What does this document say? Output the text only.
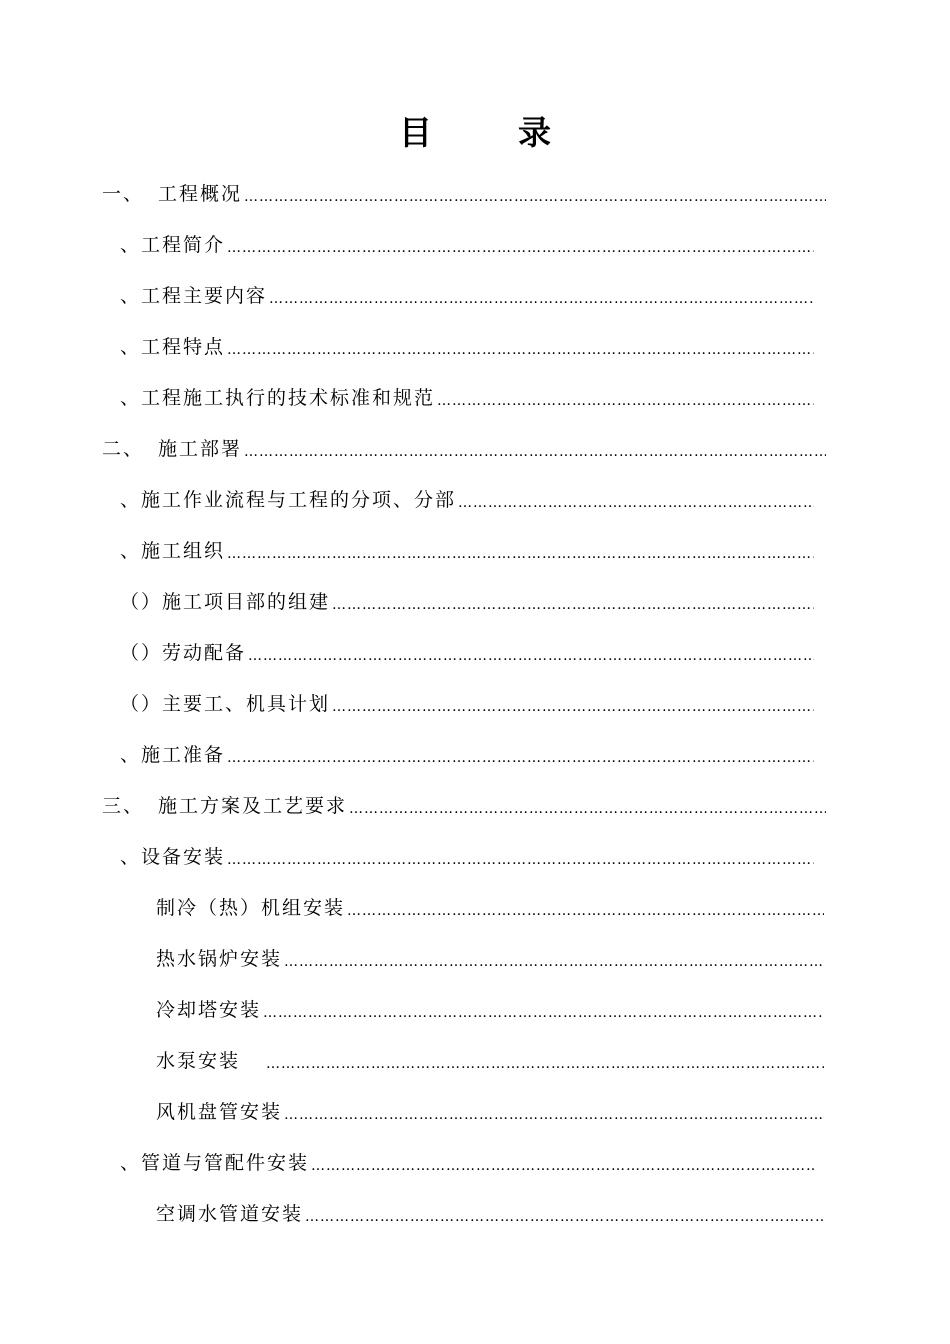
目	录
一、 工程概况
…………………………………………………………………………………………………………………………………………………………
、 工程简介
…………………………………………………………………………………………………………………………………………………………
、 工程主要内容
…………………………………………………………………………………………………………………………………………………………
、 工程特点
…………………………………………………………………………………………………………………………………………………………
、 工程施工执行的技术标准和规范
…………………………………………………………………………………………………………………………………………………………
二、 施工部署
…………………………………………………………………………………………………………………………………………………………
、 施工作业流程与工程的分项、分部
…………………………………………………………………………………………………………………………………………………………
、 施工组织
…………………………………………………………………………………………………………………………………………………………
（） 施工项目部的组建
…………………………………………………………………………………………………………………………………………………………
（） 劳动配备
…………………………………………………………………………………………………………………………………………………………
（） 主要工、机具计划
…………………………………………………………………………………………………………………………………………………………
、 施工准备
…………………………………………………………………………………………………………………………………………………………
三、 施工方案及工艺要求
…………………………………………………………………………………………………………………………………………………………
、 设备安装
…………………………………………………………………………………………………………………………………………………………
制冷（热）机组安装
…………………………………………………………………………………………………………………………………………………………
热水锅炉安装
…………………………………………………………………………………………………………………………………………………………
冷却塔安装
…………………………………………………………………………………………………………………………………………………………
水泵安装
…………………………………………………………………………………………………………………………………………………………
风机盘管安装
…………………………………………………………………………………………………………………………………………………………
、 管道与管配件安装
…………………………………………………………………………………………………………………………………………………………
空调水管道安装
…………………………………………………………………………………………………………………………………………………………
